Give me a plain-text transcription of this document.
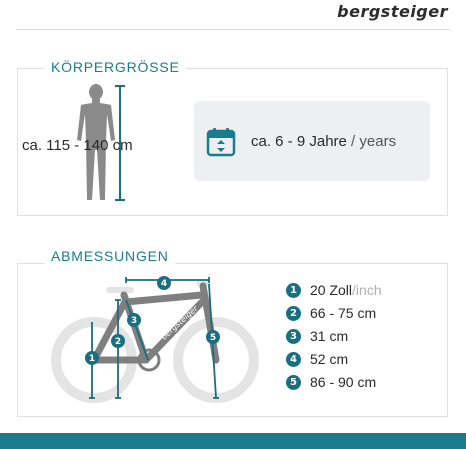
bergsteiger
KÖRPERGRÖSSE
ca. 115 - 140 cm	ca. 6 - 9 Jahre / years
ABMESSUNGEN
bergsteiger
1
2
3
4
5
1 20 Zoll / inch
2 66 - 75 cm
3 31 cm
4 52 cm
5 86 - 90 cm
